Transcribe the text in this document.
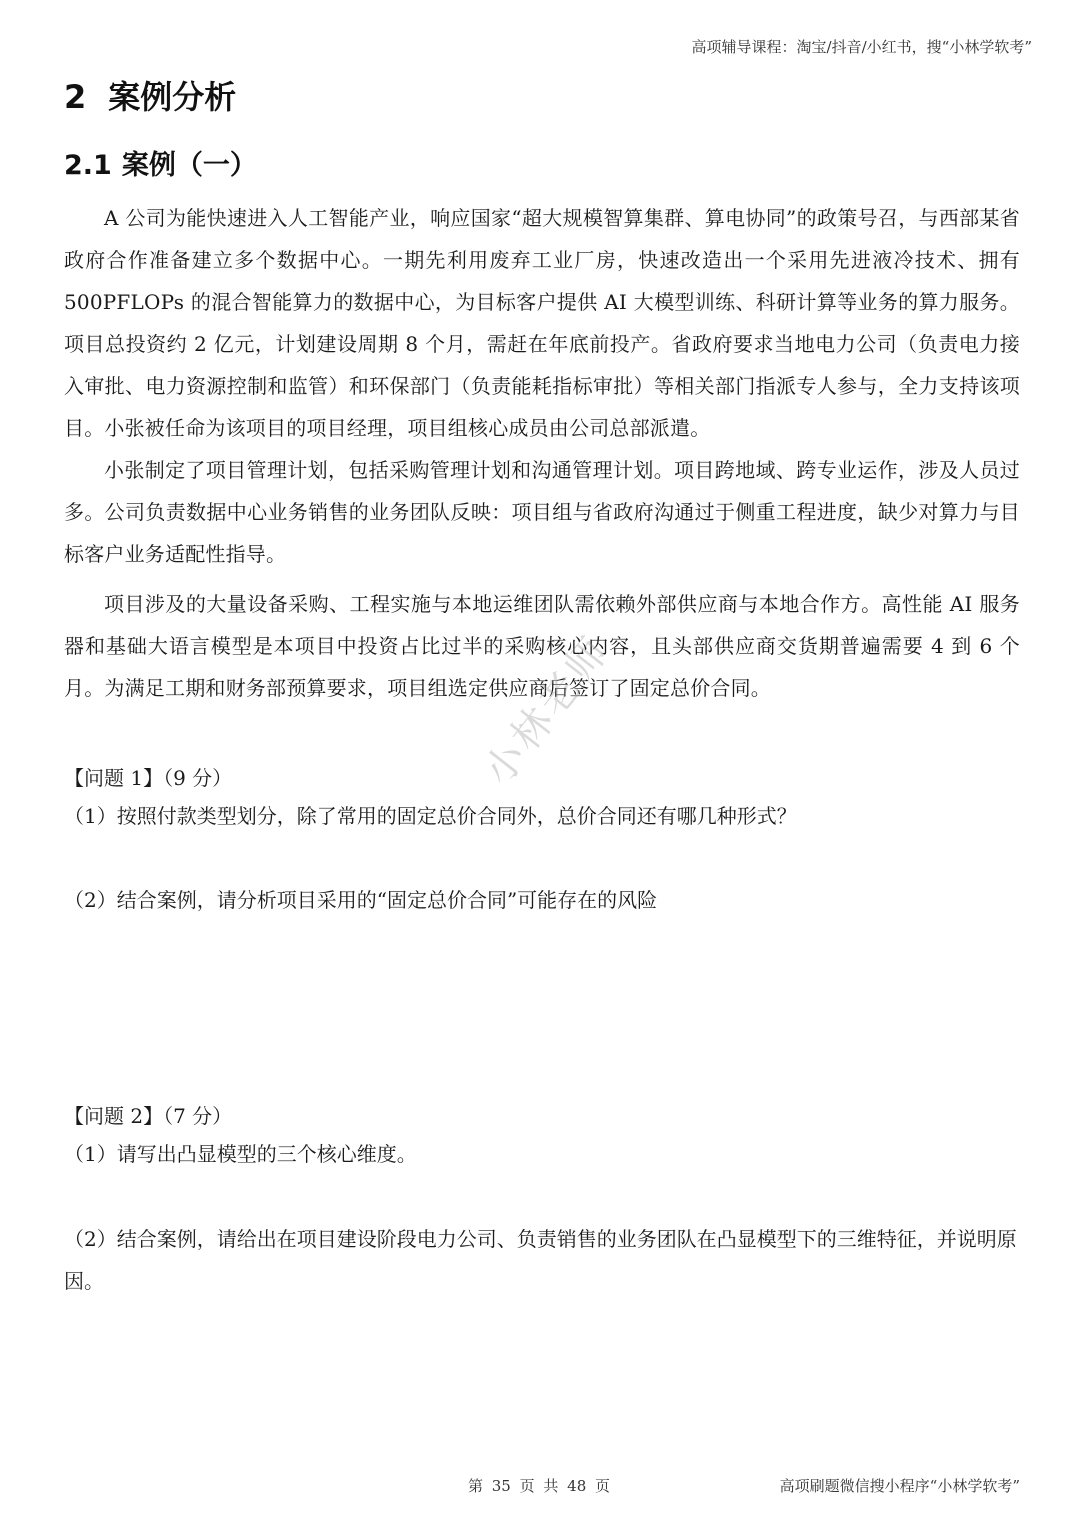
高项辅导课程：淘宝/抖音/小红书，搜“小林学软考”
2 案例分析
2.1 案例（一）

A 公司为能快速进入人工智能产业，响应国家“超大规模智算集群、算电协同”的政策号召，与西部某省政府合作准备建立多个数据中心。一期先利用废弃工业厂房，快速改造出一个采用先进液冷技术、拥有 500PFLOPs 的混合智能算力的数据中心，为目标客户提供 AI 大模型训练、科研计算等业务的算力服务。项目总投资约 2 亿元，计划建设周期 8 个月，需赶在年底前投产。省政府要求当地电力公司（负责电力接入审批、电力资源控制和监管）和环保部门（负责能耗指标审批）等相关部门指派专人参与，全力支持该项目。小张被任命为该项目的项目经理，项目组核心成员由公司总部派遣。

小张制定了项目管理计划，包括采购管理计划和沟通管理计划。项目跨地域、跨专业运作，涉及人员过多。公司负责数据中心业务销售的业务团队反映：项目组与省政府沟通过于侧重工程进度，缺少对算力与目标客户业务适配性指导。

项目涉及的大量设备采购、工程实施与本地运维团队需依赖外部供应商与本地合作方。高性能 AI 服务器和基础大语言模型是本项目中投资占比过半的采购核心内容，且头部供应商交货期普遍需要 4 到 6 个月。为满足工期和财务部预算要求，项目组选定供应商后签订了固定总价合同。

小林老师
【问题 1】（9 分）

（1）按照付款类型划分，除了常用的固定总价合同外，总价合同还有哪几种形式？

（2）结合案例，请分析项目采用的“固定总价合同”可能存在的风险

【问题 2】（7 分）

（1）请写出凸显模型的三个核心维度。

（2）结合案例，请给出在项目建设阶段电力公司、负责销售的业务团队在凸显模型下的三维特征，并说明原因。

第 35 页 共 48 页	高项刷题微信搜小程序“小林学软考”
